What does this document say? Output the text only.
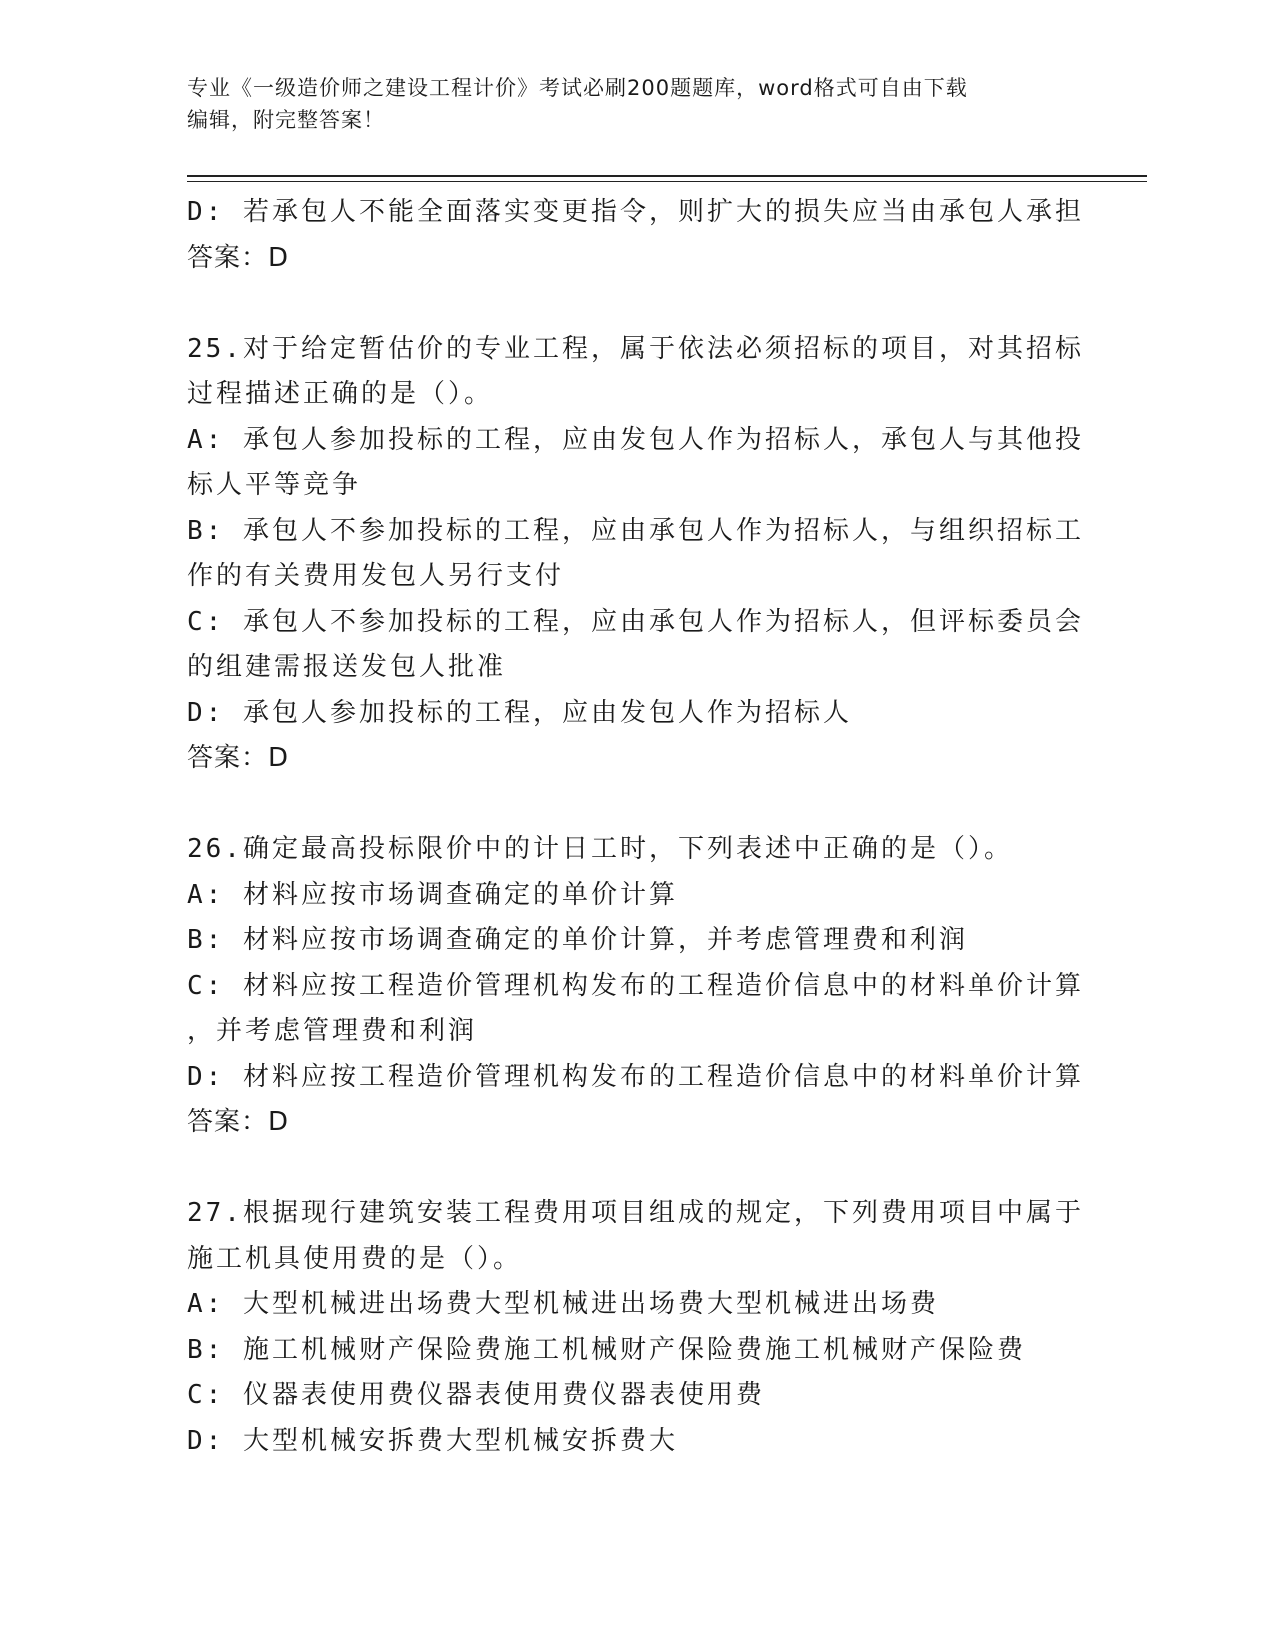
专业《一级造价师之建设工程计价》考试必刷200题题库，word格式可自由下载
编辑，附完整答案！
D: 若承包人不能全面落实变更指令，则扩大的损失应当由承包人承担
答案：D
25.对于给定暂估价的专业工程，属于依法必须招标的项目，对其招标
过程描述正确的是（）。
A: 承包人参加投标的工程，应由发包人作为招标人，承包人与其他投
标人平等竞争
B: 承包人不参加投标的工程，应由承包人作为招标人，与组织招标工
作的有关费用发包人另行支付
C: 承包人不参加投标的工程，应由承包人作为招标人，但评标委员会
的组建需报送发包人批准
D: 承包人参加投标的工程，应由发包人作为招标人
答案：D
26.确定最高投标限价中的计日工时，下列表述中正确的是（）。
A: 材料应按市场调查确定的单价计算
B: 材料应按市场调查确定的单价计算，并考虑管理费和利润
C: 材料应按工程造价管理机构发布的工程造价信息中的材料单价计算
，并考虑管理费和利润
D: 材料应按工程造价管理机构发布的工程造价信息中的材料单价计算
答案：D
27.根据现行建筑安装工程费用项目组成的规定，下列费用项目中属于
施工机具使用费的是（）。
A: 大型机械进出场费大型机械进出场费大型机械进出场费
B: 施工机械财产保险费施工机械财产保险费施工机械财产保险费
C: 仪器表使用费仪器表使用费仪器表使用费
D: 大型机械安拆费大型机械安拆费大
